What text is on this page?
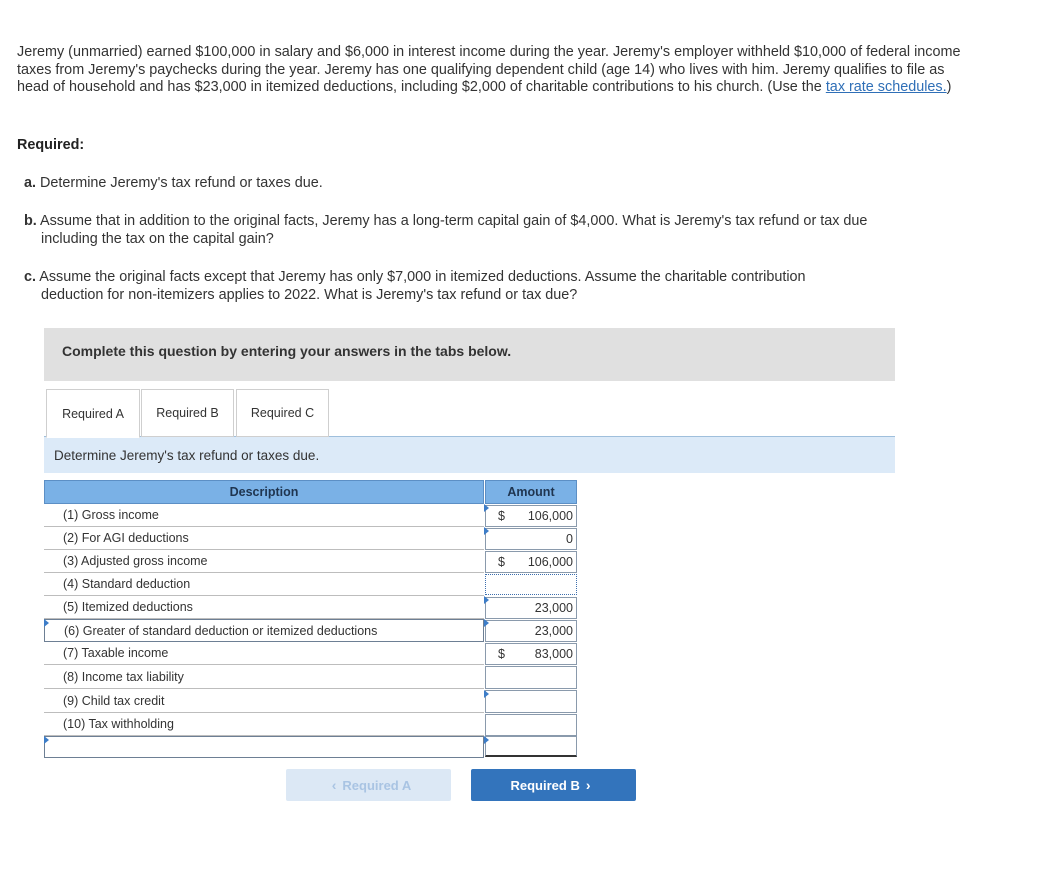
Jeremy (unmarried) earned $100,000 in salary and $6,000 in interest income during the year. Jeremy's employer withheld $10,000 of federal income taxes from Jeremy's paychecks during the year. Jeremy has one qualifying dependent child (age 14) who lives with him. Jeremy qualifies to file as head of household and has $23,000 in itemized deductions, including $2,000 of charitable contributions to his church. (Use the tax rate schedules.)
Required:
a. Determine Jeremy's tax refund or taxes due.
b. Assume that in addition to the original facts, Jeremy has a long-term capital gain of $4,000. What is Jeremy's tax refund or tax due
including the tax on the capital gain?
c. Assume the original facts except that Jeremy has only $7,000 in itemized deductions. Assume the charitable contribution
deduction for non-itemizers applies to 2022. What is Jeremy's tax refund or tax due?
Complete this question by entering your answers in the tabs below.
Required A	Required B	Required C
Determine Jeremy's tax refund or taxes due.
Description	Amount
(1) Gross income	$ 106,000
(2) For AGI deductions	0
(3) Adjusted gross income	$ 106,000
(4) Standard deduction
(5) Itemized deductions	23,000
(6) Greater of standard deduction or itemized deductions	23,000
(7) Taxable income	$ 83,000
(8) Income tax liability
(9) Child tax credit
(10) Tax withholding
‹ Required A	Required B ›
